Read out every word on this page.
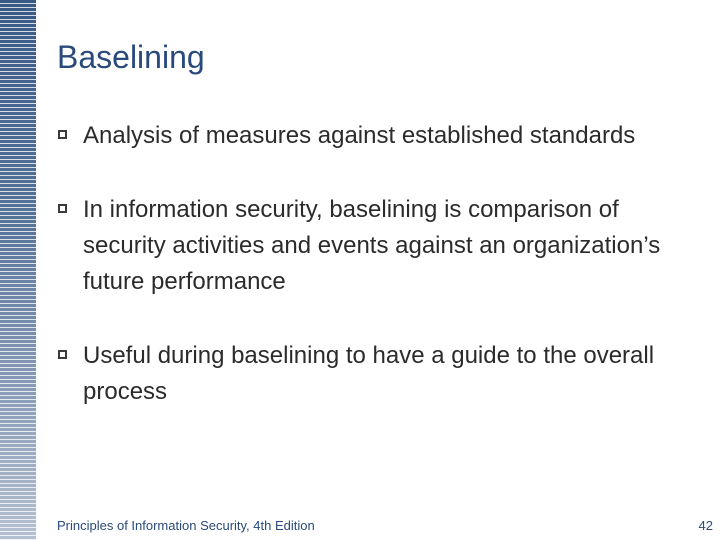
Baselining
Analysis of measures against established standards
In information security, baselining is comparison of security activities and events against an organization’s future performance
Useful during baselining to have a guide to the overall process
Principles of Information Security, 4th Edition	42
